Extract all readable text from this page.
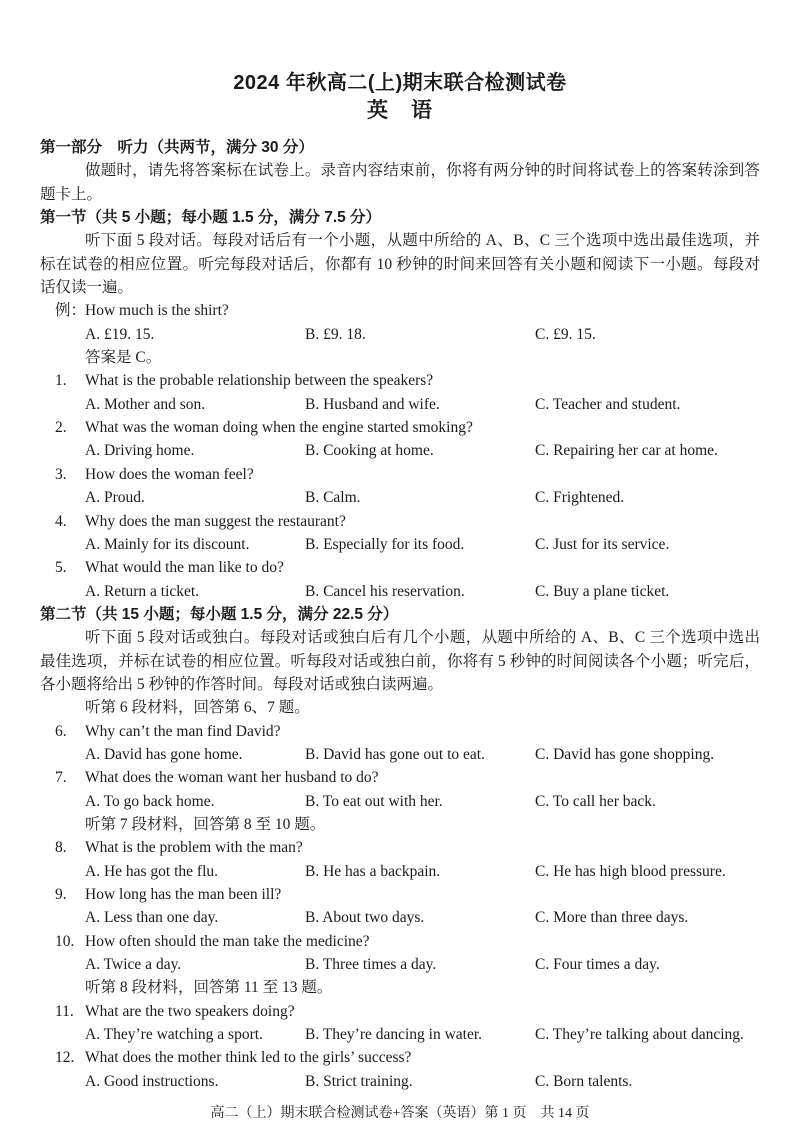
2024 年秋高二(上)期末联合检测试卷
英　语
第一部分　听力（共两节，满分 30 分）
做题时，请先将答案标在试卷上。录音内容结束前，你将有两分钟的时间将试卷上的答案转涂到答题卡上。
第一节（共 5 小题；每小题 1.5 分，满分 7.5 分）
听下面 5 段对话。每段对话后有一个小题，从题中所给的 A、B、C 三个选项中选出最佳选项，并标在试卷的相应位置。听完每段对话后，你都有 10 秒钟的时间来回答有关小题和阅读下一小题。每段对话仅读一遍。
例：
How much is the shirt?
A. £19. 15.	B. £9. 18.	C. £9. 15.
答案是 C。
1.	What is the probable relationship between the speakers?
A. Mother and son.	B. Husband and wife.	C. Teacher and student.
2.	What was the woman doing when the engine started smoking?
A. Driving home.	B. Cooking at home.	C. Repairing her car at home.
3.	How does the woman feel?
A. Proud.	B. Calm.	C. Frightened.
4.	Why does the man suggest the restaurant?
A. Mainly for its discount.	B. Especially for its food.	C. Just for its service.
5.	What would the man like to do?
A. Return a ticket.	B. Cancel his reservation.	C. Buy a plane ticket.
第二节（共 15 小题；每小题 1.5 分，满分 22.5 分）
听下面 5 段对话或独白。每段对话或独白后有几个小题，从题中所给的 A、B、C 三个选项中选出最佳选项，并标在试卷的相应位置。听每段对话或独白前，你将有 5 秒钟的时间阅读各个小题；听完后，各小题将给出 5 秒钟的作答时间。每段对话或独白读两遍。
听第 6 段材料，回答第 6、7 题。
6.	Why can’t the man find David?
A. David has gone home.	B. David has gone out to eat.	C. David has gone shopping.
7.	What does the woman want her husband to do?
A. To go back home.	B. To eat out with her.	C. To call her back.
听第 7 段材料，回答第 8 至 10 题。
8.	What is the problem with the man?
A. He has got the flu.	B. He has a backpain.	C. He has high blood pressure.
9.	How long has the man been ill?
A. Less than one day.	B. About two days.	C. More than three days.
10. How often should the man take the medicine?
A. Twice a day.	B. Three times a day.	C. Four times a day.
听第 8 段材料，回答第 11 至 13 题。
11. What are the two speakers doing?
A. They’re watching a sport.	B. They’re dancing in water.	C. They’re talking about dancing.
12. What does the mother think led to the girls’ success?
A. Good instructions.	B. Strict training.	C. Born talents.
高二（上）期末联合检测试卷+答案（英语）第 1 页　共 14 页
